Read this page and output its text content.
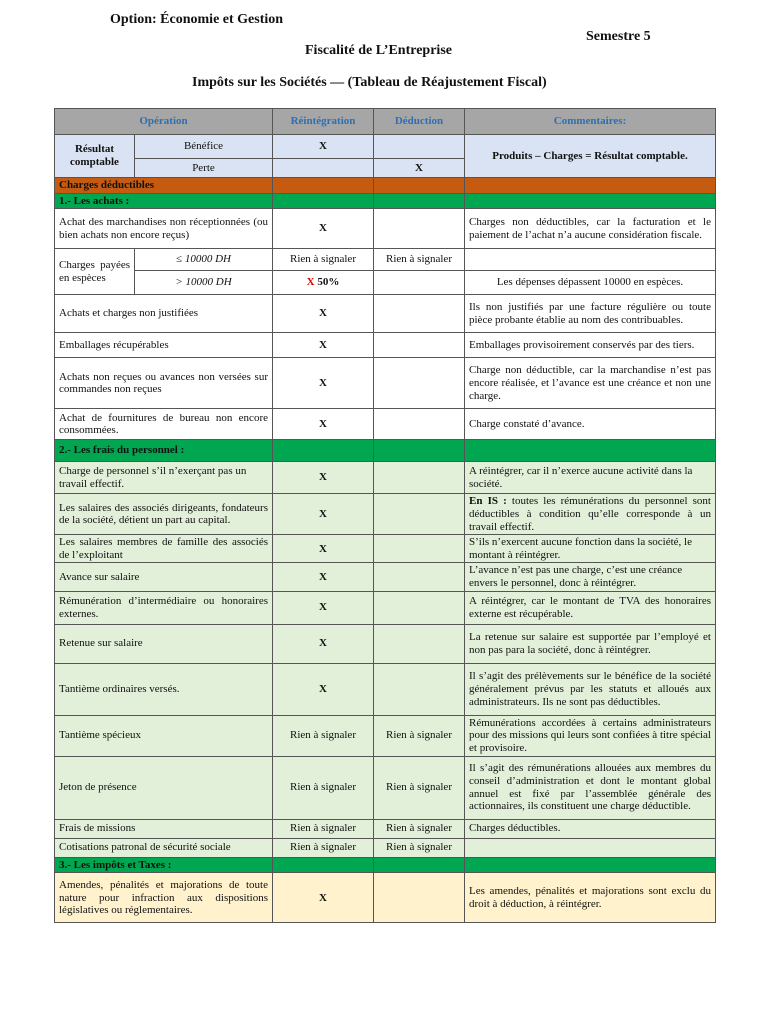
Option: Économie et Gestion
Semestre 5
Fiscalité de L’Entreprise
Impôts sur les Sociétés — (Tableau de Réajustement Fiscal)
Opération		Réintégration	Déduction	Commentaires:
Résultat comptable	Bénéfice	X		Produits – Charges = Résultat comptable.
	Perte		X	
Charges déductibles				
1.- Les achats :				
Achat des marchandises non réceptionnées (ou bien achats non encore reçus)		X		Charges non déductibles, car la facturation et le paiement de l’achat n’a aucune considération fiscale.
Charges payées en espèces	≤ 10000 DH	Rien à signaler	Rien à signaler	
	> 10000 DH	X 50%		Les dépenses dépassent 10000 en espèces.
Achats et charges non justifiées		X		Ils non justifiés par une facture régulière ou toute pièce probante établie au nom des contribuables.
Emballages récupérables		X		Emballages provisoirement conservés par des tiers.
Achats non reçues ou avances non versées sur commandes non reçues		X		Charge non déductible, car la marchandise n’est pas encore réalisée, et l’avance est une créance et non une charge.
Achat de fournitures de bureau non encore consommées.		X		Charge constaté d’avance.
2.- Les frais du personnel :				
Charge de personnel s’il n’exerçant pas un travail effectif.		X		A réintégrer, car il n’exerce aucune activité dans la société.
Les salaires des associés dirigeants, fondateurs de la société, détient un part au capital.		X		En IS : toutes les rémunérations du personnel sont déductibles à condition qu’elle corresponde à un travail effectif.
Les salaires membres de famille des associés de l’exploitant		X		S’ils n’exercent aucune fonction dans la société, le montant à réintégrer.
Avance sur salaire		X		L’avance n’est pas une charge, c’est une créance envers le personnel, donc à réintégrer.
Rémunération d’intermédiaire ou honoraires externes.		X		A réintégrer, car le montant de TVA des honoraires externe est récupérable.
Retenue sur salaire		X		La retenue sur salaire est supportée par l’employé et non pas para la société, donc à réintégrer.
Tantième ordinaires versés.		X		Il s’agit des prélèvements sur le bénéfice de la société généralement prévus par les statuts et alloués aux administrateurs. Ils ne sont pas déductibles.
Tantième spécieux		Rien à signaler	Rien à signaler	Rémunérations accordées à certains administrateurs pour des missions qui leurs sont confiées à titre spécial et provisoire.
Jeton de présence		Rien à signaler	Rien à signaler	Il s’agit des rémunérations allouées aux membres du conseil d’administration et dont le montant global annuel est fixé par l’assemblée générale des actionnaires, ils constituent une charge déductible.
Frais de missions		Rien à signaler	Rien à signaler	Charges déductibles.
Cotisations patronal de sécurité sociale		Rien à signaler	Rien à signaler	
3.- Les impôts et Taxes :				
Amendes, pénalités et majorations de toute nature pour infraction aux dispositions législatives ou réglementaires.		X		Les amendes, pénalités et majorations sont exclu du droit à déduction, à réintégrer.
